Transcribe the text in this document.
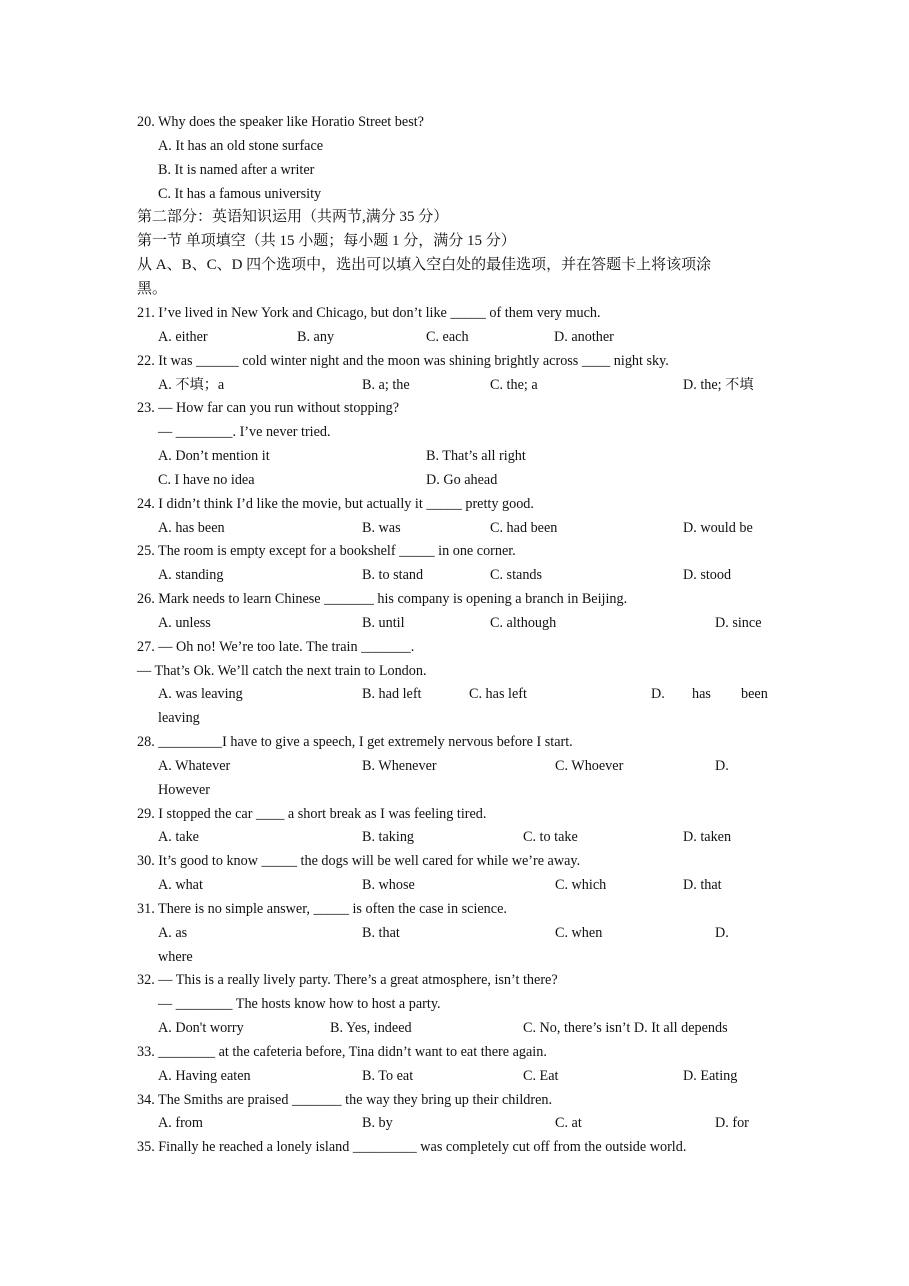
20. Why does the speaker like Horatio Street best?
A. It has an old stone surface
B. It is named after a writer
C. It has a famous university
第二部分：英语知识运用（共两节,满分 35 分）
第一节 单项填空（共 15 小题；每小题 1 分，满分 15 分）
从 A、B、C、D 四个选项中，选出可以填入空白处的最佳选项，并在答题卡上将该项涂
黑。
21. I’ve lived in New York and Chicago, but don’t like _____ of them very much.
A. either	B. any	C. each	D. another
22. It was ______ cold winter night and the moon was shining brightly across ____ night sky.
A. 不填；a	B. a; the	C. the; a	D. the; 不填
23. — How far can you run without stopping?
— ________. I’ve never tried.
A. Don’t mention it	B. That’s all right
C. I have no idea	D. Go ahead
24. I didn’t think I’d like the movie, but actually it _____ pretty good.
A. has been	B. was	C. had been	D. would be
25. The room is empty except for a bookshelf _____ in one corner.
A. standing	B. to stand	C. stands	D. stood
26. Mark needs to learn Chinese _______ his company is opening a branch in Beijing.
A. unless	B. until	C. although	D. since
27. — Oh no! We’re too late. The train _______.
— That’s Ok. We’ll catch the next train to London.
A. was leaving	B. had left	C. has left	D. has been
leaving
28. _________I have to give a speech, I get extremely nervous before I start.
A. Whatever	B. Whenever	C. Whoever	D.
However
29. I stopped the car ____ a short break as I was feeling tired.
A. take	B. taking	C. to take	D. taken
30. It’s good to know _____ the dogs will be well cared for while we’re away.
A. what	B. whose	C. which	D. that
31. There is no simple answer, _____ is often the case in science.
A. as	B. that	C. when	D.
where
32. — This is a really lively party. There’s a great atmosphere, isn’t there?
— ________ The hosts know how to host a party.
A. Don't worry	B. Yes, indeed	C. No, there’s isn’t D. It all depends
33. ________ at the cafeteria before, Tina didn’t want to eat there again.
A. Having eaten	B. To eat	C. Eat	D. Eating
34. The Smiths are praised _______ the way they bring up their children.
A. from	B. by	C. at	D. for
35. Finally he reached a lonely island _________ was completely cut off from the outside world.
